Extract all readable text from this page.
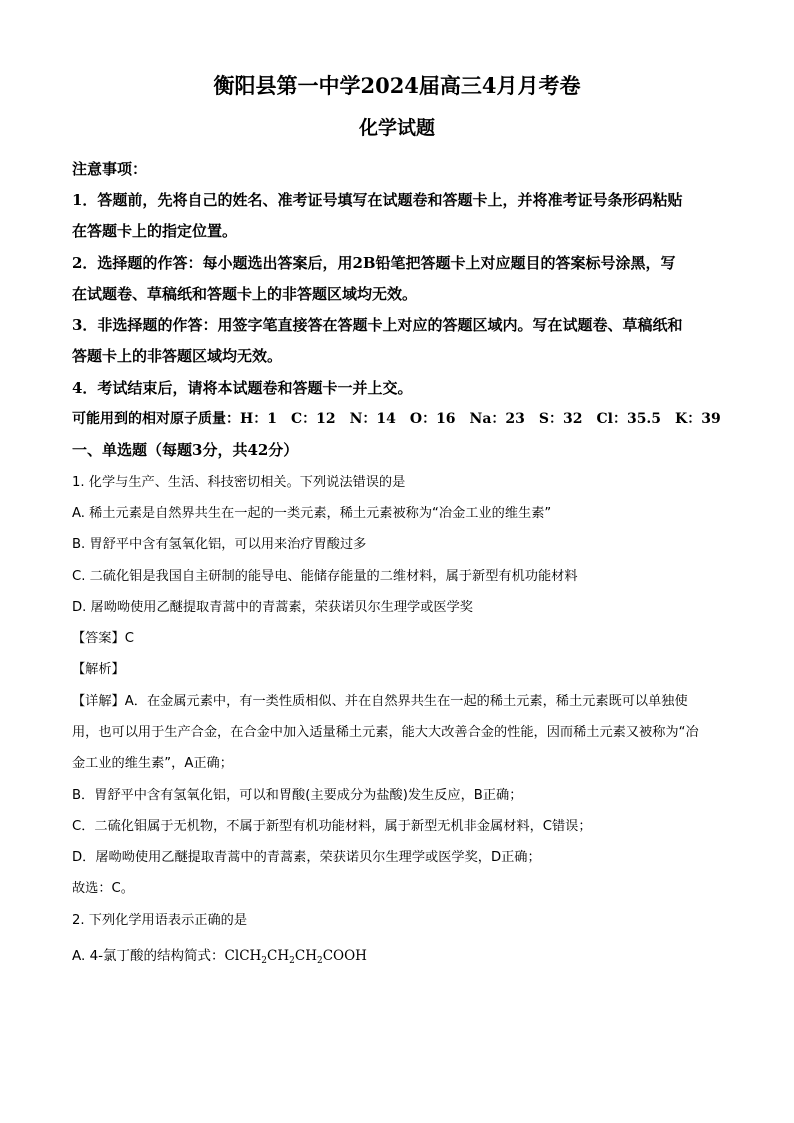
衡阳县第一中学2024届高三4月月考卷
化学试题
注意事项：
1．答题前，先将自己的姓名、准考证号填写在试题卷和答题卡上，并将准考证号条形码粘贴
在答题卡上的指定位置。
2．选择题的作答：每小题选出答案后，用2B铅笔把答题卡上对应题目的答案标号涂黑，写
在试题卷、草稿纸和答题卡上的非答题区域均无效。
3．非选择题的作答：用签字笔直接答在答题卡上对应的答题区域内。写在试题卷、草稿纸和
答题卡上的非答题区域均无效。
4．考试结束后，请将本试题卷和答题卡一并上交。
可能用到的相对原子质量：H：1　C：12　N：14　O：16　Na：23　S：32　Cl：35.5　K：39
一、单选题（每题3分，共42分）
1. 化学与生产、生活、科技密切相关。下列说法错误的是
A. 稀土元素是自然界共生在一起的一类元素，稀土元素被称为“冶金工业的维生素”
B. 胃舒平中含有氢氧化铝，可以用来治疗胃酸过多
C. 二硫化钼是我国自主研制的能导电、能储存能量的二维材料，属于新型有机功能材料
D. 屠呦呦使用乙醚提取青蒿中的青蒿素，荣获诺贝尔生理学或医学奖
【答案】C
【解析】
【详解】A．在金属元素中，有一类性质相似、并在自然界共生在一起的稀土元素，稀土元素既可以单独使
用，也可以用于生产合金，在合金中加入适量稀土元素，能大大改善合金的性能，因而稀土元素又被称为“冶
金工业的维生素”，A正确；
B．胃舒平中含有氢氧化铝，可以和胃酸(主要成分为盐酸)发生反应，B正确；
C．二硫化钼属于无机物，不属于新型有机功能材料，属于新型无机非金属材料，C错误；
D．屠呦呦使用乙醚提取青蒿中的青蒿素，荣获诺贝尔生理学或医学奖，D正确；
故选：C。
2. 下列化学用语表示正确的是
A. 4-氯丁酸的结构简式：$ClCH_2CH_2CH_2COOH$
